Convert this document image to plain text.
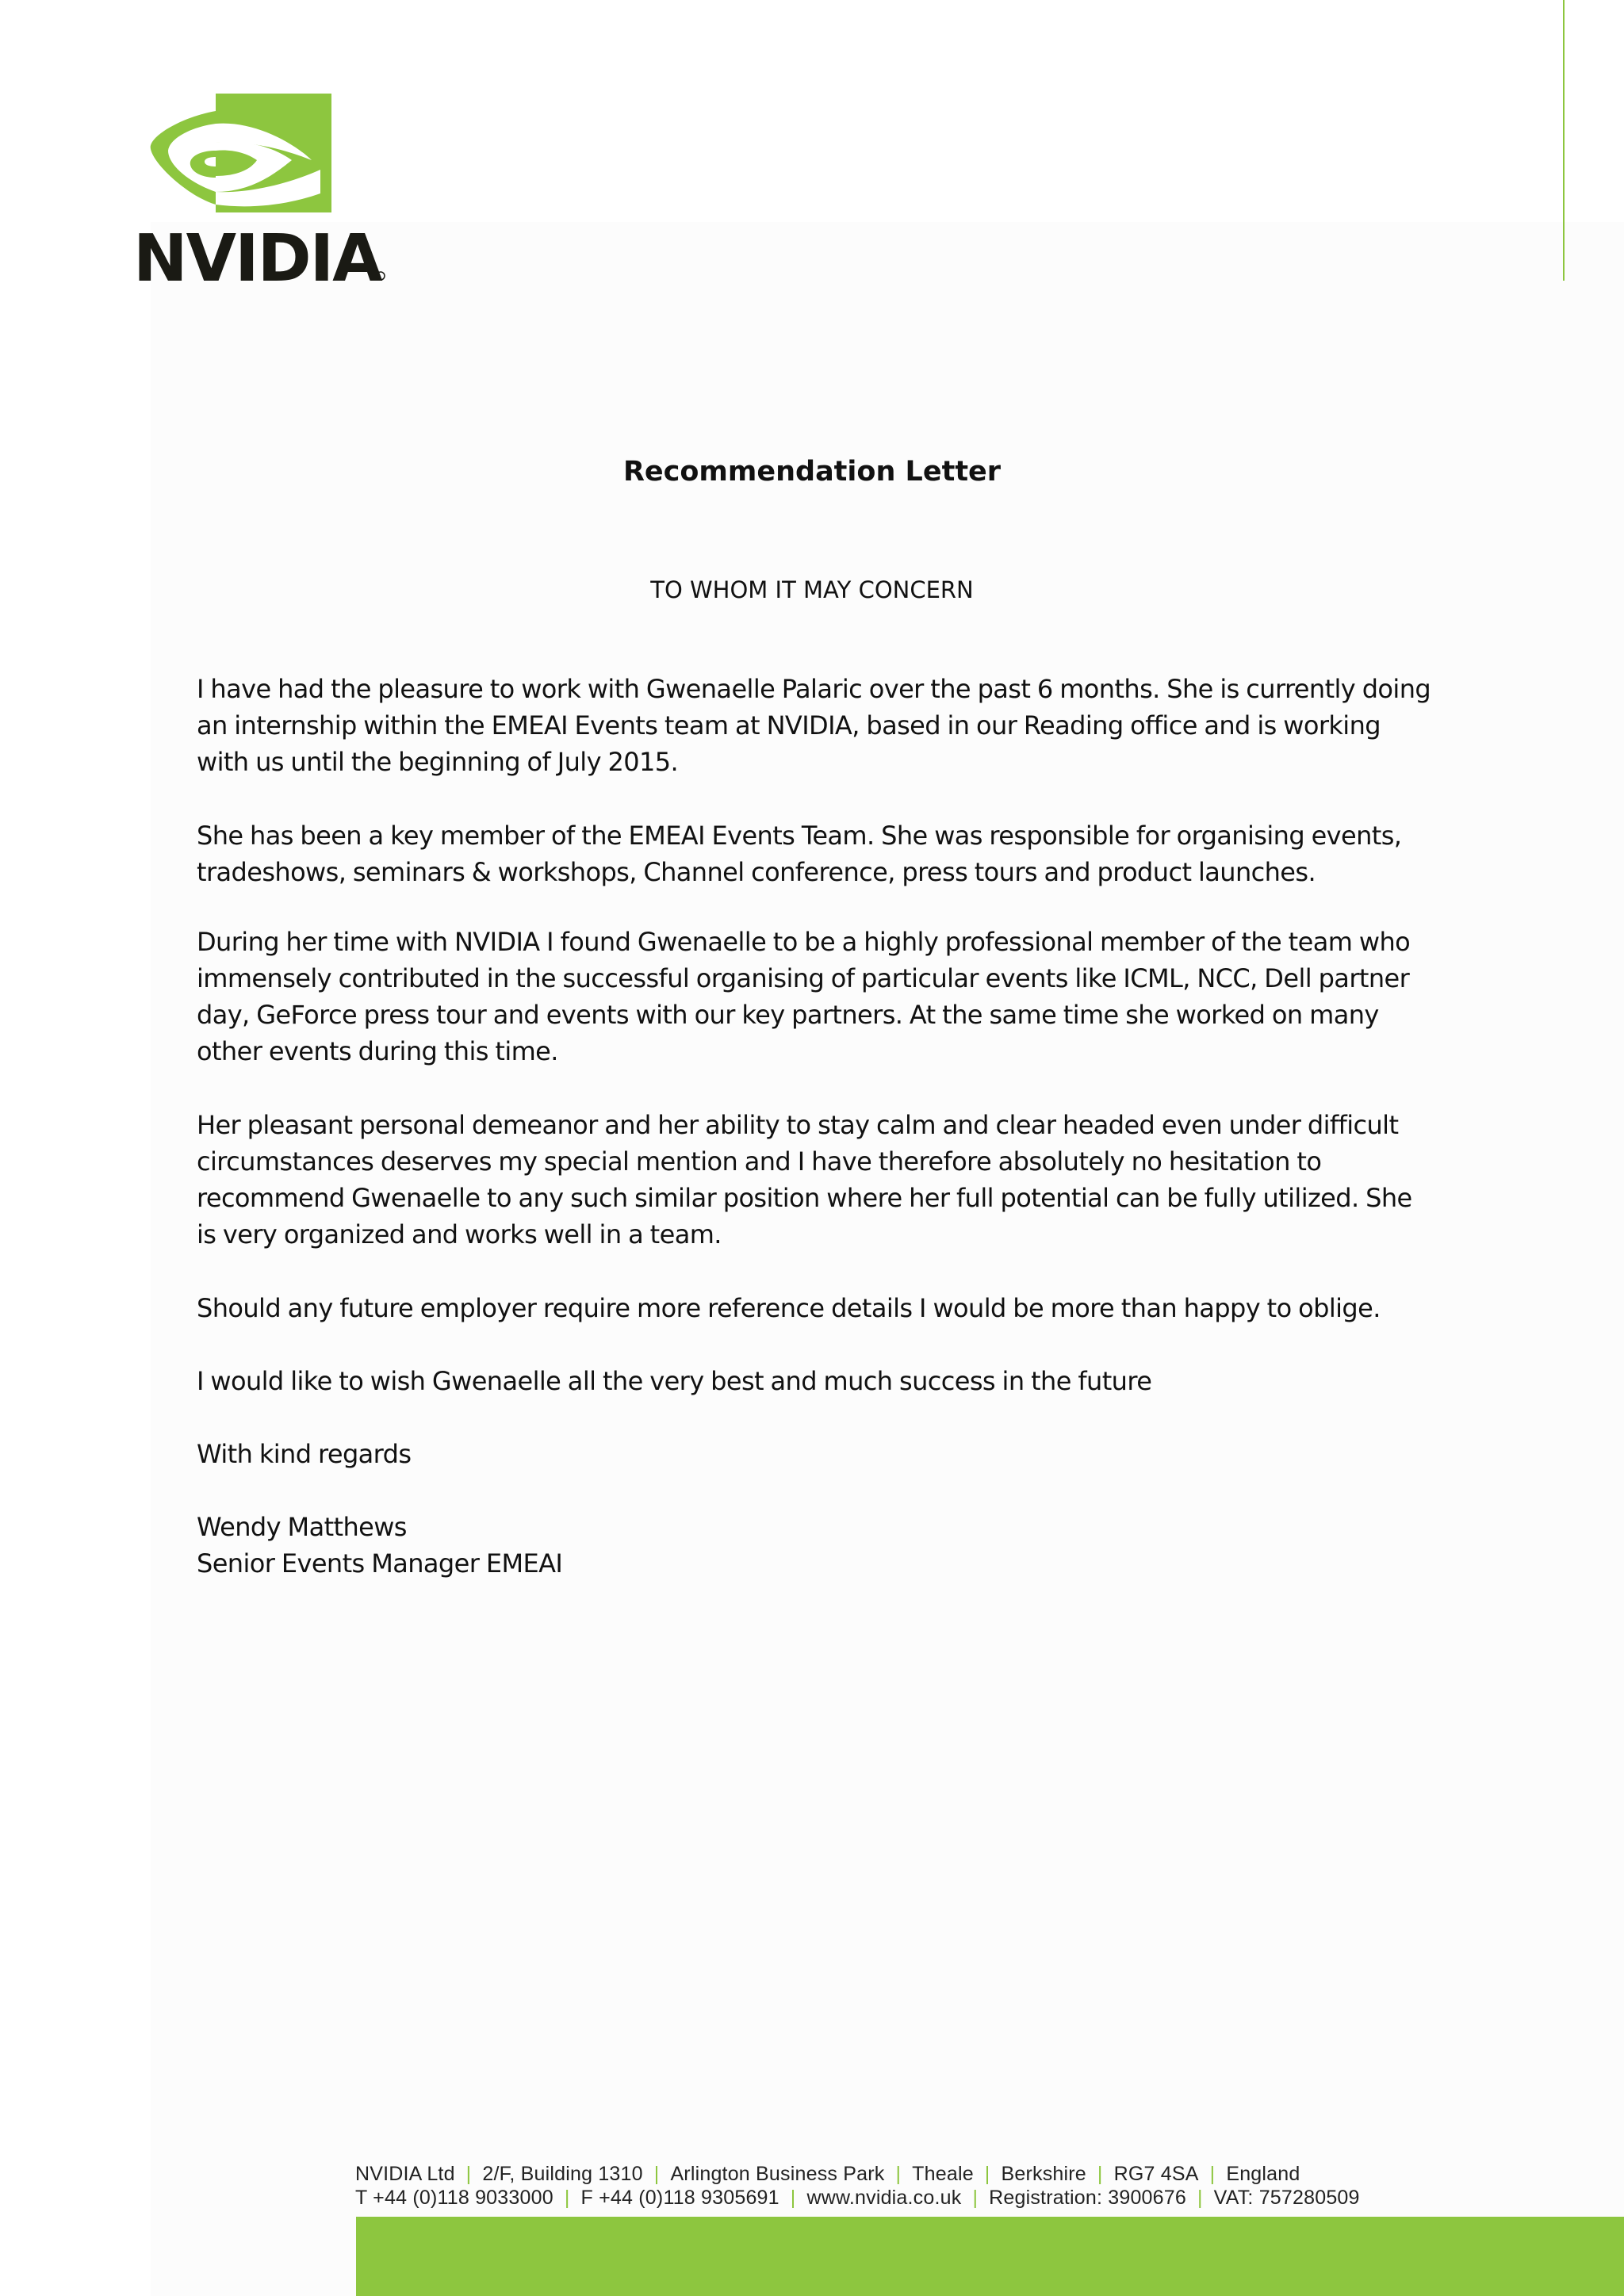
NVIDIA
Recommendation Letter
TO WHOM IT MAY CONCERN

I have had the pleasure to work with Gwenaelle Palaric over the past 6 months. She is currently doing an internship within the EMEAI Events team at NVIDIA, based in our Reading office and is working with us until the beginning of July 2015.

She has been a key member of the EMEAI Events Team. She was responsible for organising events, tradeshows, seminars & workshops, Channel conference, press tours and product launches.

During her time with NVIDIA I found Gwenaelle to be a highly professional member of the team who immensely contributed in the successful organising of particular events like ICML, NCC, Dell partner day, GeForce press tour and events with our key partners. At the same time she worked on many other events during this time.

Her pleasant personal demeanor and her ability to stay calm and clear headed even under difficult circumstances deserves my special mention and I have therefore absolutely no hesitation to recommend Gwenaelle to any such similar position where her full potential can be fully utilized. She is very organized and works well in a team.

Should any future employer require more reference details I would be more than happy to oblige.

I would like to wish Gwenaelle all the very best and much success in the future

With kind regards

Wendy Matthews

Senior Events Manager EMEAI

NVIDIA Ltd | 2/F, Building 1310 | Arlington Business Park | Theale | Berkshire | RG7 4SA | England
T +44 (0)118 9033000 | F +44 (0)118 9305691 | www.nvidia.co.uk | Registration: 3900676 | VAT: 757280509
